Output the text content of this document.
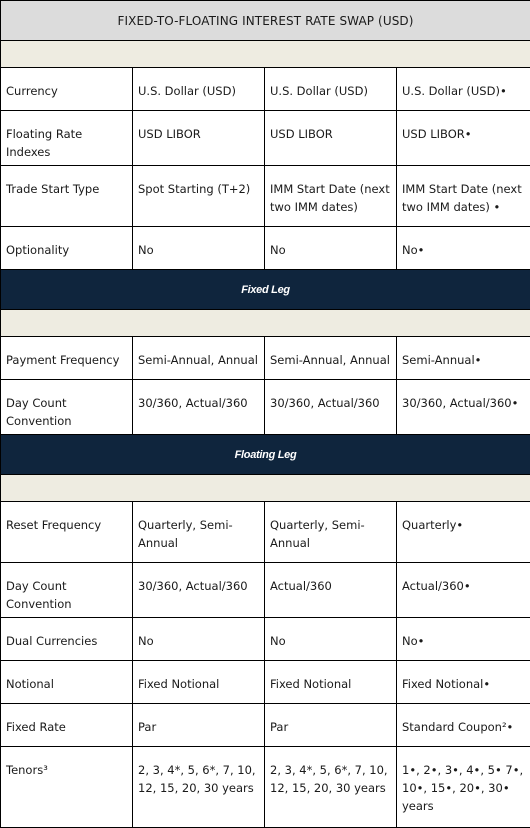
FIXED-TO-FLOATING INTEREST RATE SWAP (USD)			

Currency	U.S. Dollar (USD)	U.S. Dollar (USD)	U.S. Dollar (USD)•
Floating Rate Indexes	USD LIBOR	USD LIBOR	USD LIBOR•
Trade Start Type	Spot Starting (T+2)	IMM Start Date (next two IMM dates)	IMM Start Date (next two IMM dates) •
Optionality	No	No	No•
Fixed Leg			

Payment Frequency	Semi-Annual, Annual	Semi-Annual, Annual	Semi-Annual•
Day Count Convention	30/360, Actual/360	30/360, Actual/360	30/360, Actual/360•
Floating Leg			

Reset Frequency	Quarterly, Semi-Annual	Quarterly, Semi-Annual	Quarterly•
Day Count Convention	30/360, Actual/360	Actual/360	Actual/360•
Dual Currencies	No	No	No•
Notional	Fixed Notional	Fixed Notional	Fixed Notional•
Fixed Rate	Par	Par	Standard Coupon²•
Tenors³	2, 3, 4*, 5, 6*, 7, 10, 12, 15, 20, 30 years	2, 3, 4*, 5, 6*, 7, 10, 12, 15, 20, 30 years	1•, 2•, 3•, 4•, 5• 7•, 10•, 15•, 20•, 30• years
